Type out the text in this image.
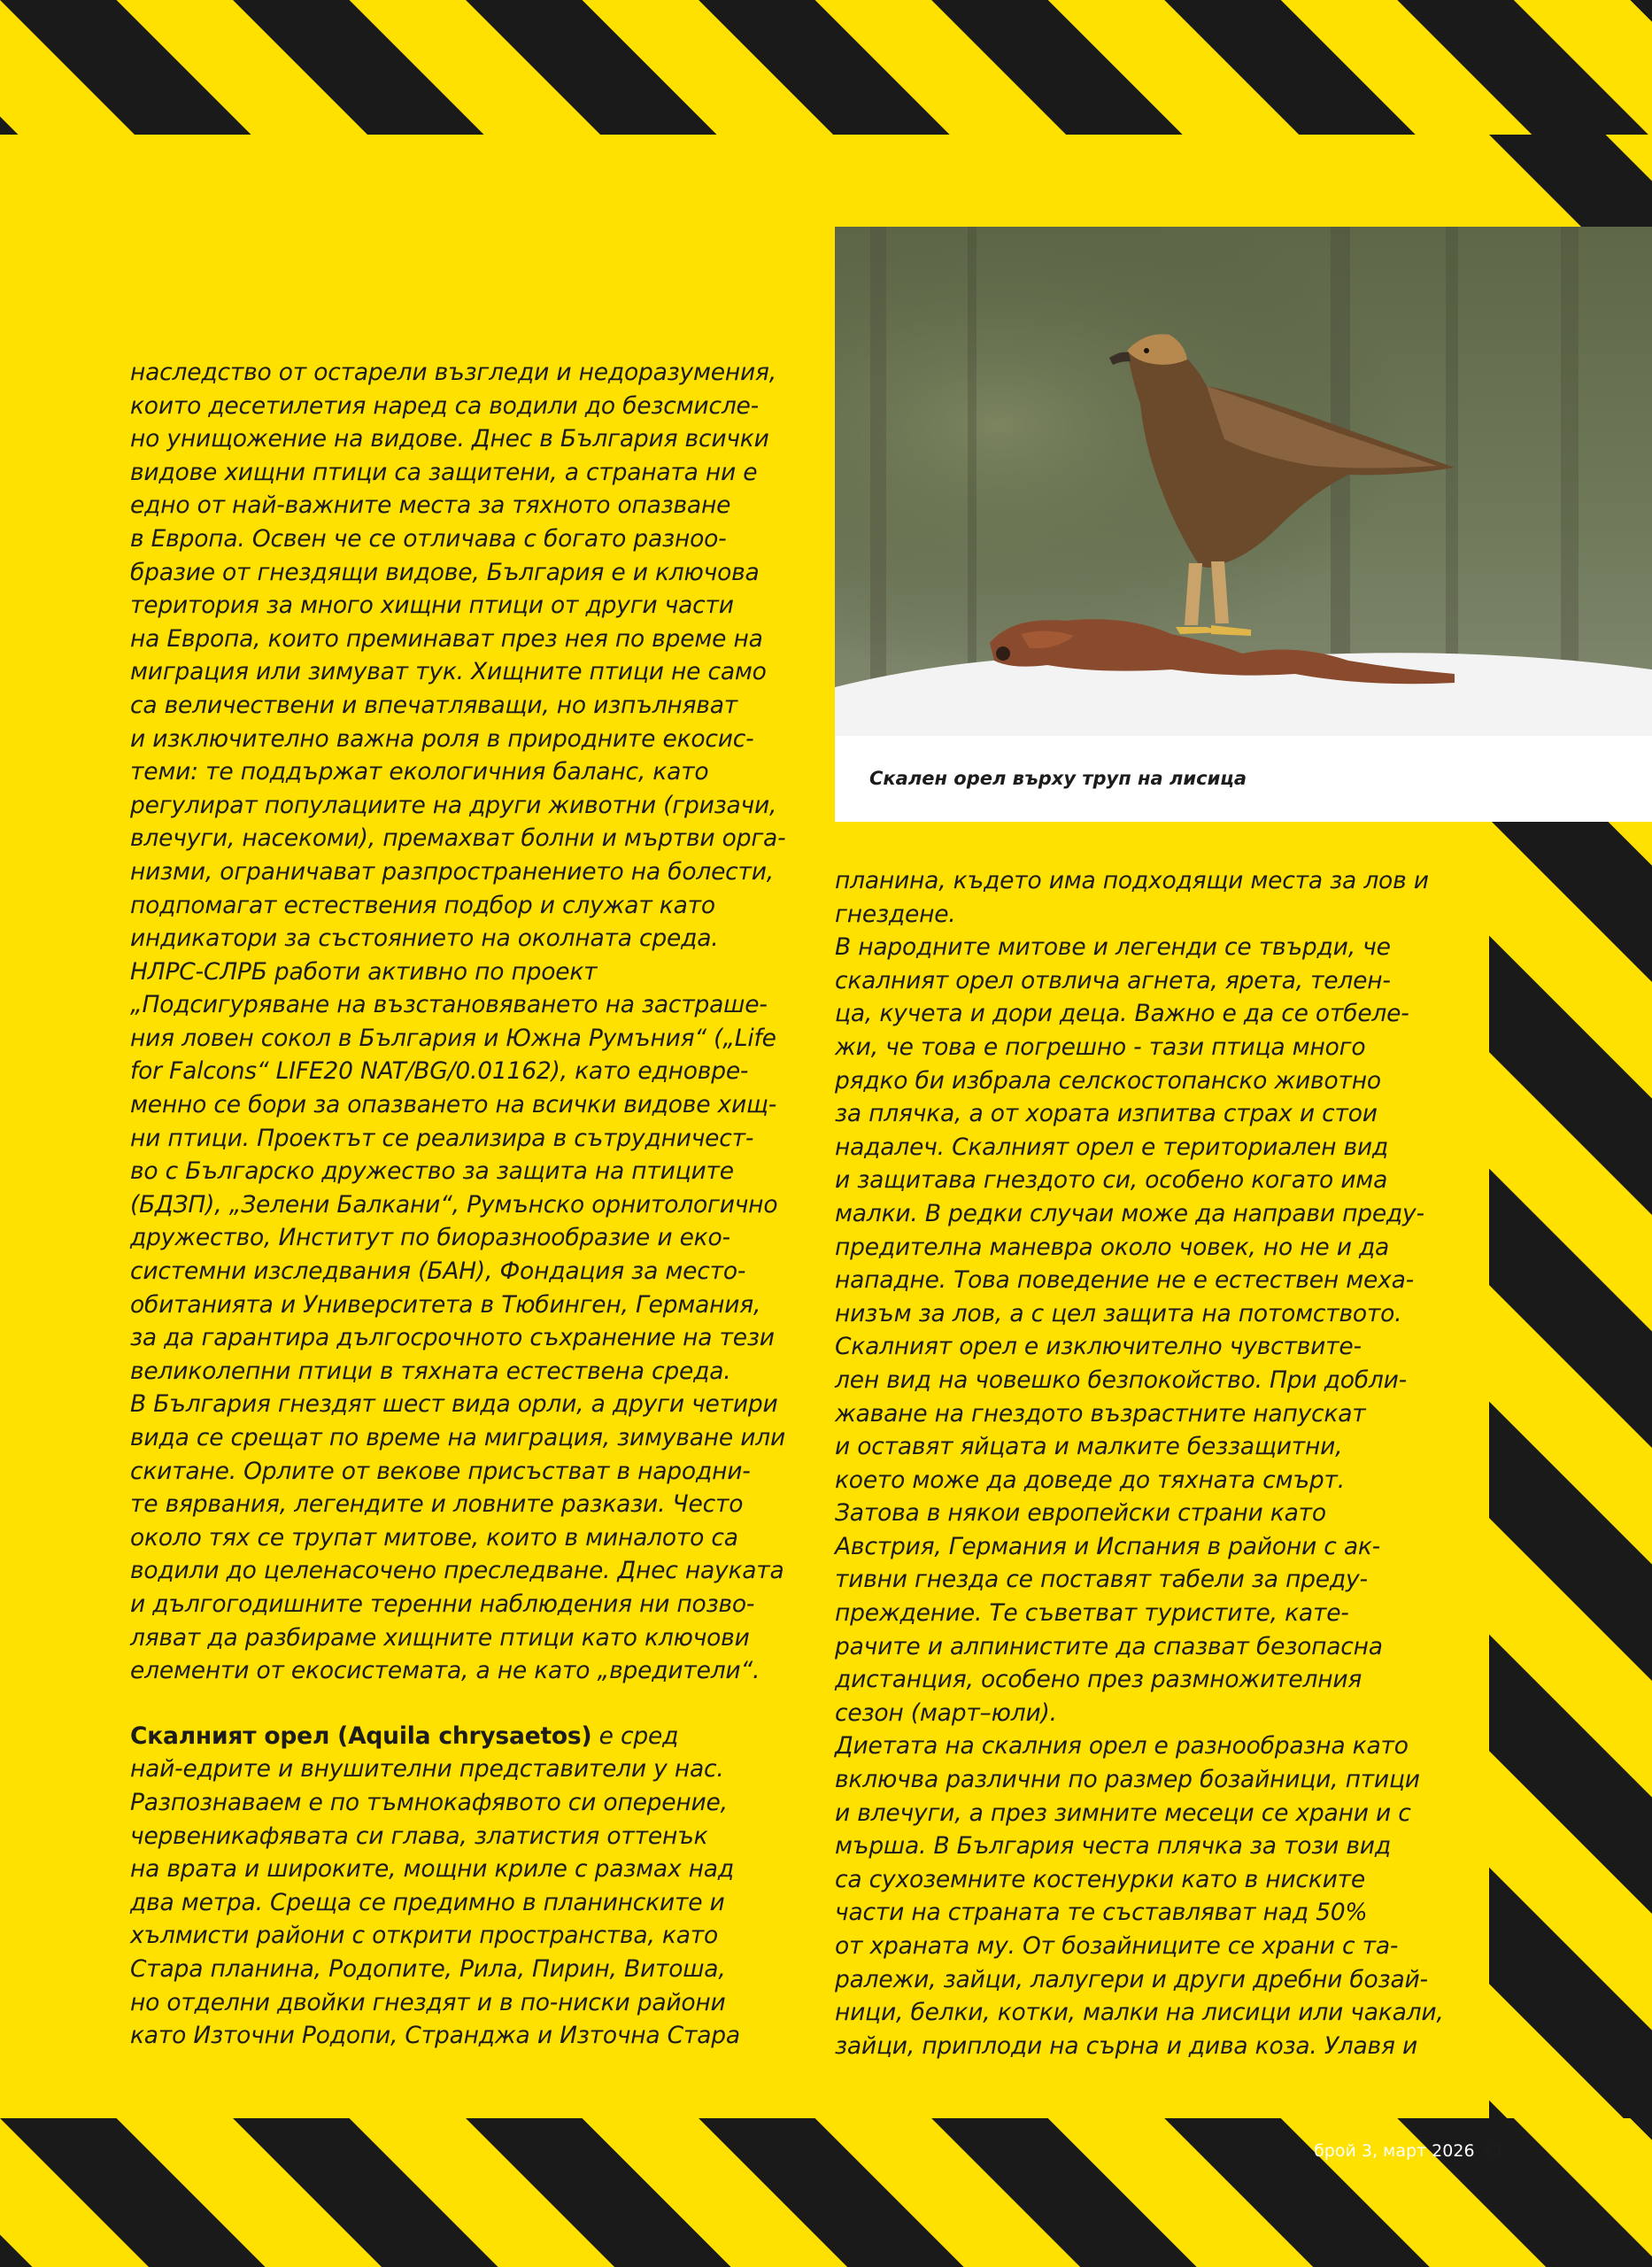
Скален орел върху труп на лисица

наследство от остарели възгледи и недоразумения,
които десетилетия наред са водили до безсмисле-
но унищожение на видове. Днес в България всички
видове хищни птици са защитени, а страната ни е
едно от най-важните места за тяхното опазване
в Европа. Освен че се отличава с богато разноо-
бразие от гнездящи видове, България е и ключова
територия за много хищни птици от други части
на Европа, които преминават през нея по време на
миграция или зимуват тук. Хищните птици не само
са величествени и впечатляващи, но изпълняват
и изключително важна роля в природните екосис-
теми: те поддържат екологичния баланс, като
регулират популациите на други животни (гризачи,
влечуги, насекоми), премахват болни и мъртви орга-
низми, ограничават разпространението на болести,
подпомагат естествения подбор и служат като
индикатори за състоянието на околната среда.
НЛРС-СЛРБ работи активно по проект
„Подсигуряване на възстановяването на застраше-
ния ловен сокол в България и Южна Румъния“ („Life
for Falcons“ LIFE20 NAT/BG/0.01162), като едновре-
менно се бори за опазването на всички видове хищ-
ни птици. Проектът се реализира в сътрудничест-
во с Българско дружество за защита на птиците
(БДЗП), „Зелени Балкани“, Румънско орнитологично
дружество, Институт по биоразнообразие и еко-
системни изследвания (БАН), Фондация за место-
обитанията и Университета в Тюбинген, Германия,
за да гарантира дългосрочното съхранение на тези
великолепни птици в тяхната естествена среда.
В България гнездят шест вида орли, а други четири
вида се срещат по време на миграция, зимуване или
скитане. Орлите от векове присъстват в народни-
те вярвания, легендите и ловните разкази. Често
около тях се трупат митове, които в миналото са
водили до целенасочено преследване. Днес науката
и дългогодишните теренни наблюдения ни позво-
ляват да разбираме хищните птици като ключови
елементи от екосистемата, а не като „вредители“.

Скалният орел (Aquila chrysaetos) е сред
най-едрите и внушителни представители у нас.
Разпознаваем е по тъмнокафявото си оперение,
червеникафявата си глава, златистия оттенък
на врата и широките, мощни криле с размах над
два метра. Среща се предимно в планинските и
хълмисти райони с открити пространства, като
Стара планина, Родопите, Рила, Пирин, Витоша,
но отделни двойки гнездят и в по-ниски райони
като Източни Родопи, Странджа и Източна Стара

планина, където има подходящи места за лов и
гнездене.
В народните митове и легенди се твърди, че
скалният орел отвлича агнета, ярета, телен-
ца, кучета и дори деца. Важно е да се отбеле-
жи, че това е погрешно - тази птица много
рядко би избрала селскостопанско животно
за плячка, а от хората изпитва страх и стои
надалеч. Скалният орел е териториален вид
и защитава гнездото си, особено когато има
малки. В редки случаи може да направи преду-
предителна маневра около човек, но не и да
нападне. Това поведение не е естествен меха-
низъм за лов, а с цел защита на потомството.
Скалният орел е изключително чувствите-
лен вид на човешко безпокойство. При добли-
жаване на гнездото възрастните напускат
и оставят яйцата и малките беззащитни,
което може да доведе до тяхната смърт.
Затова в някои европейски страни като
Австрия, Германия и Испания в райони с ак-
тивни гнезда се поставят табели за преду-
преждение. Те съветват туристите, кате-
рачите и алпинистите да спазват безопасна
дистанция, особено през размножителния
сезон (март–юли).
Диетата на скалния орел е разнообразна като
включва различни по размер бозайници, птици
и влечуги, а през зимните месеци се храни и с
мърша. В България честа плячка за този вид
са сухоземните костенурки като в ниските
части на страната те съставляват над 50%
от храната му. От бозайниците се храни с та-
ралежи, зайци, лалугери и други дребни бозай-
ници, белки, котки, малки на лисици или чакали,
зайци, приплоди на сърна и дива коза. Улавя и

брой 3, март 2026 41
